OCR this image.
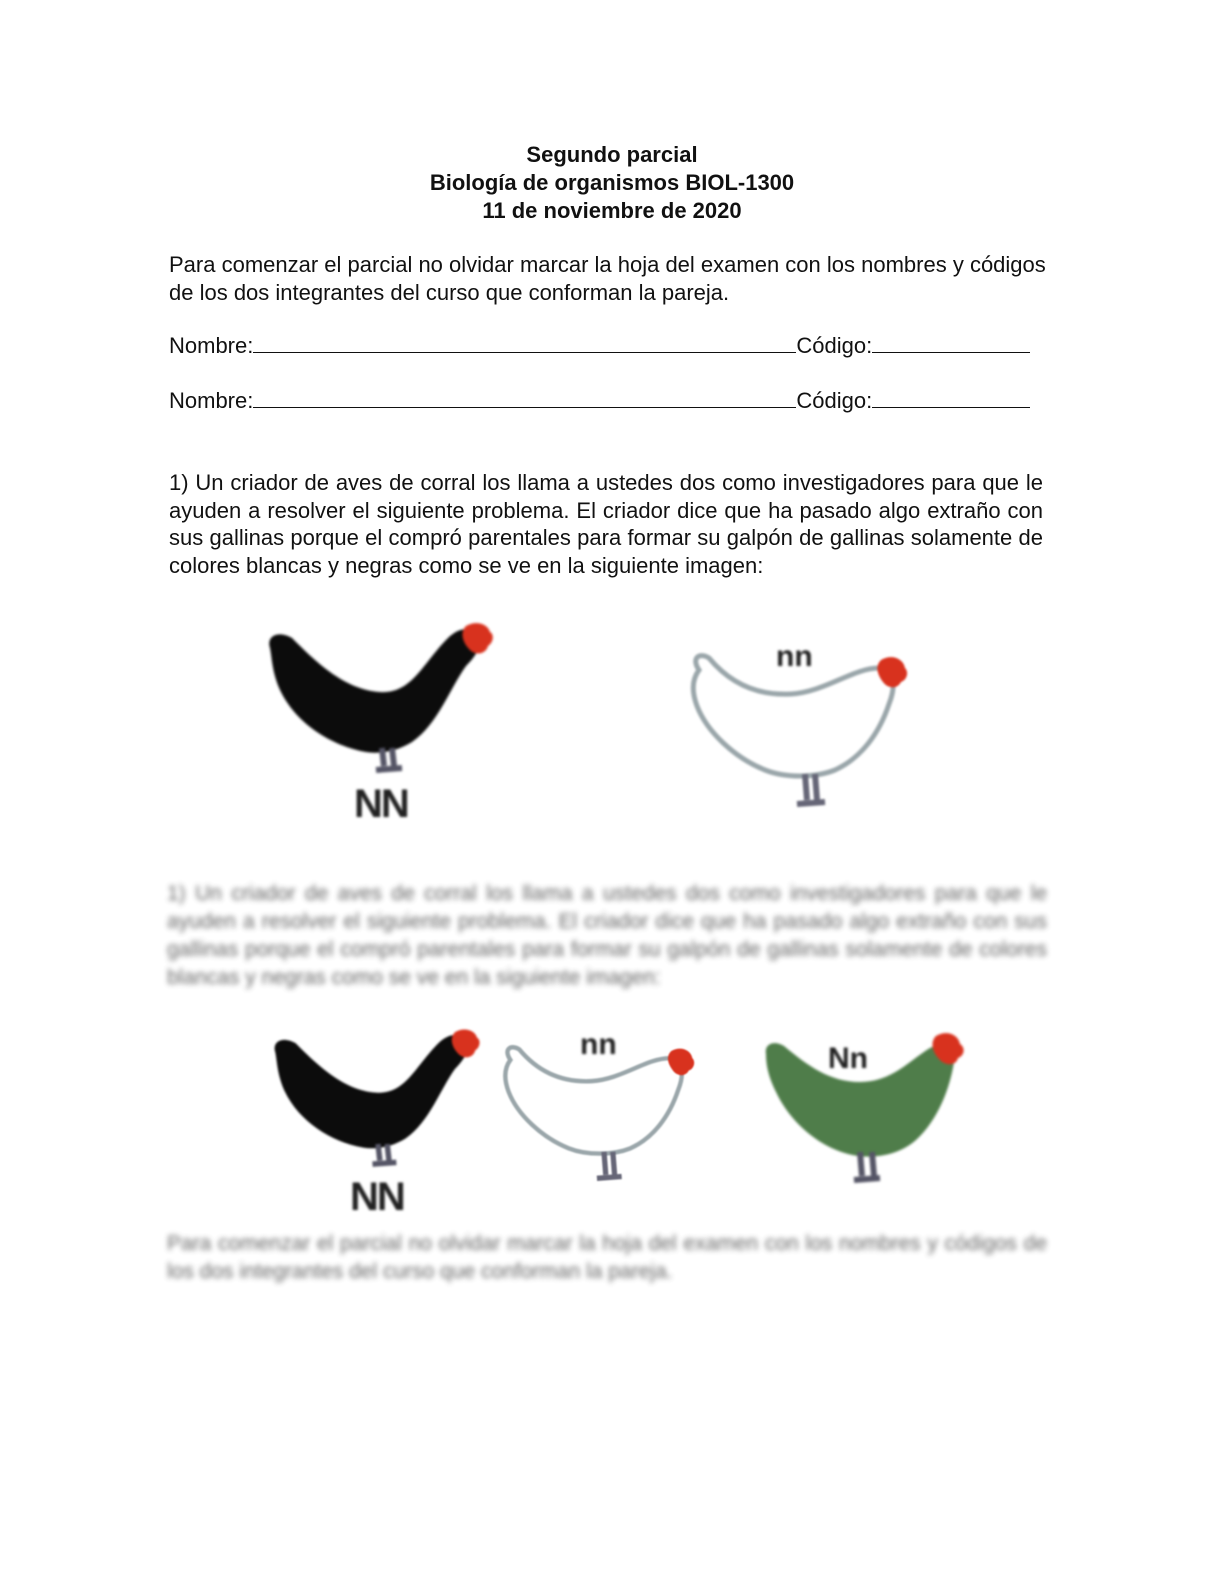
Segundo parcial
Biología de organismos BIOL-1300
11 de noviembre de 2020
Para comenzar el parcial no olvidar marcar la hoja del examen con los nombres y códigos de los dos integrantes del curso que conforman la pareja.
Nombre:	Código:
Nombre:	Código:
1) Un criador de aves de corral los llama a ustedes dos como investigadores para que le ayuden a resolver el siguiente problema. El criador dice que ha pasado algo extraño con sus gallinas porque el compró parentales para formar su galpón de gallinas solamente de colores blancas y negras como se ve en la siguiente imagen:
NN
nn
1) Un criador de aves de corral los llama a ustedes dos como investigadores para que le ayuden a resolver el siguiente problema. El criador dice que ha pasado algo extraño con sus gallinas porque el compró parentales para formar su galpón de gallinas solamente de colores blancas y negras como se ve en la siguiente imagen:
NN
nn	Nn
Para comenzar el parcial no olvidar marcar la hoja del examen con los nombres y códigos de los dos integrantes del curso que conforman la pareja.
